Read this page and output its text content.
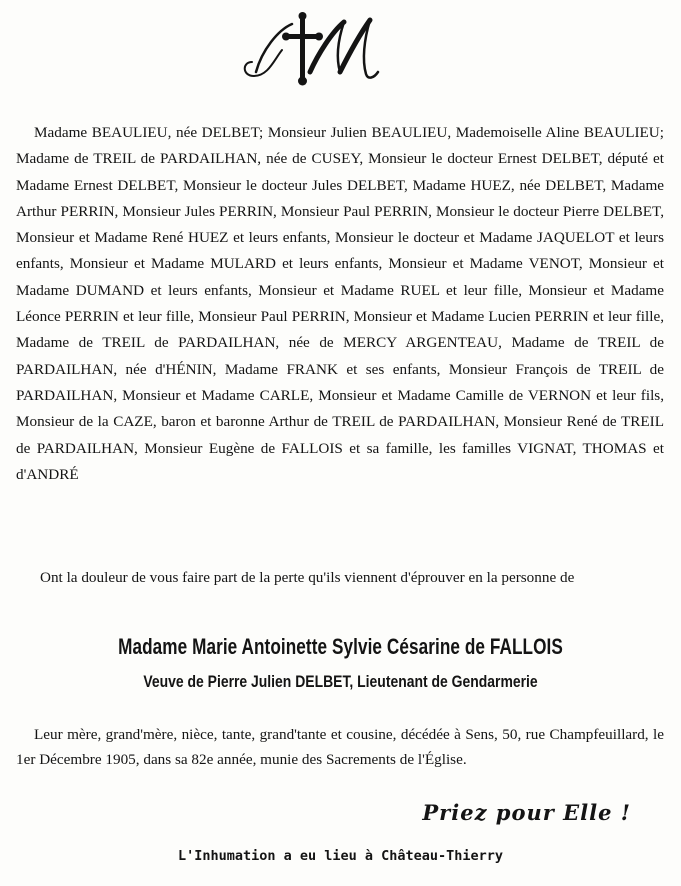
Madame BEAULIEU, née DELBET; Monsieur Julien BEAULIEU, Mademoiselle Aline BEAULIEU; Madame de TREIL de PARDAILHAN, née de CUSEY, Monsieur le docteur Ernest DELBET, député et Madame Ernest DELBET, Monsieur le docteur Jules DELBET, Madame HUEZ, née DELBET, Madame Arthur PERRIN, Monsieur Jules PERRIN, Monsieur Paul PERRIN, Monsieur le docteur Pierre DELBET, Monsieur et Madame René HUEZ et leurs enfants, Monsieur le docteur et Madame JAQUELOT et leurs enfants, Monsieur et Madame MULARD et leurs enfants, Monsieur et Madame VENOT, Monsieur et Madame DUMAND et leurs enfants, Monsieur et Madame RUEL et leur fille, Monsieur et Madame Léonce PERRIN et leur fille, Monsieur Paul PERRIN, Monsieur et Madame Lucien PERRIN et leur fille, Madame de TREIL de PARDAILHAN, née de MERCY ARGENTEAU, Madame de TREIL de PARDAILHAN, née d'HÉNIN, Madame FRANK et ses enfants, Monsieur François de TREIL de PARDAILHAN, Monsieur et Madame CARLE, Monsieur et Madame Camille de VERNON et leur fils, Monsieur de la CAZE, baron et baronne Arthur de TREIL de PARDAILHAN, Monsieur René de TREIL de PARDAILHAN, Monsieur Eugène de FALLOIS et sa famille, les familles VIGNAT, THOMAS et d'ANDRÉ

Ont la douleur de vous faire part de la perte qu'ils viennent d'éprouver en la personne de

Madame Marie Antoinette Sylvie Césarine de FALLOIS
Veuve de Pierre Julien DELBET, Lieutenant de Gendarmerie

Leur mère, grand'mère, nièce, tante, grand'tante et cousine, décédée à Sens, 50, rue Champfeuillard, le 1er Décembre 1905, dans sa 82e année, munie des Sacrements de l'Église.

Priez pour Elle !

L'Inhumation a eu lieu à Château-Thierry
